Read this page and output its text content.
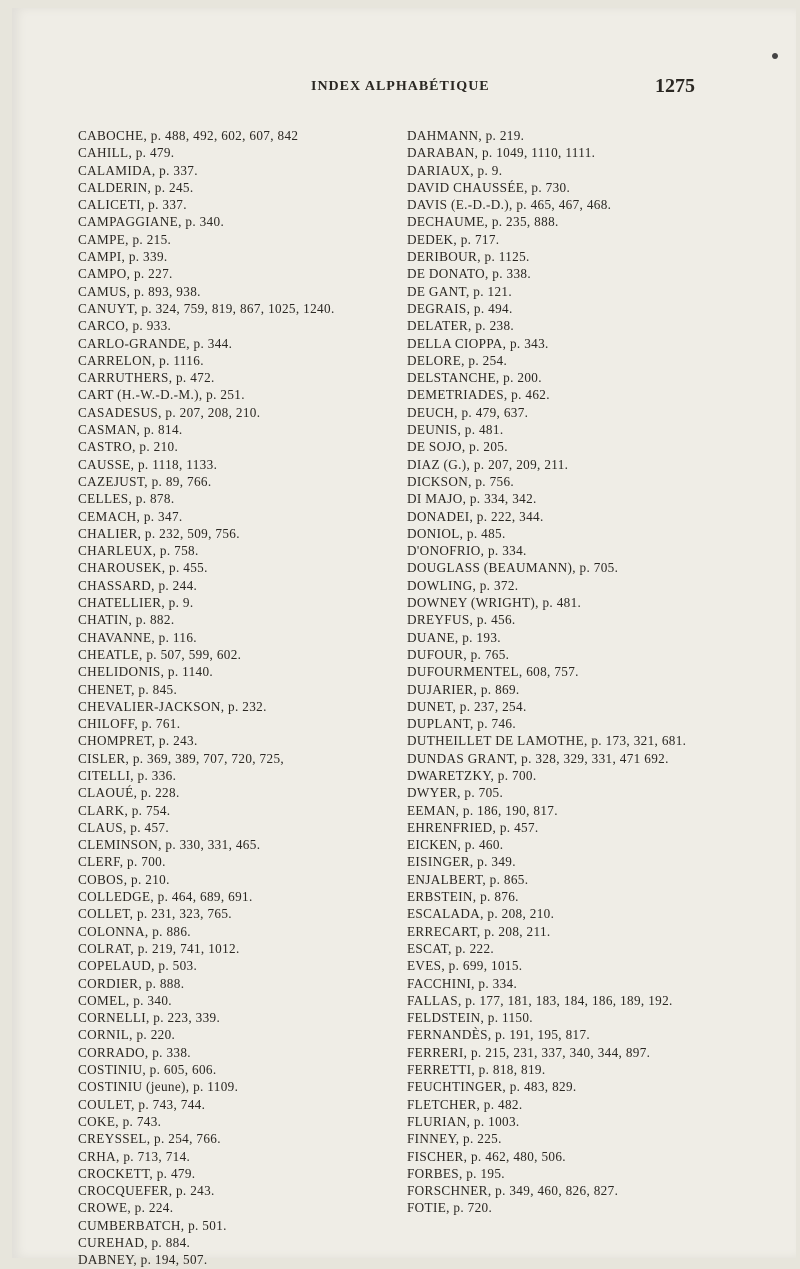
INDEX ALPHABÉTIQUE	1275
CABOCHE, p. 488, 492, 602, 607, 842
CAHILL, p. 479.
CALAMIDA, p. 337.
CALDERIN, p. 245.
CALICETI, p. 337.
CAMPAGGIANE, p. 340.
CAMPE, p. 215.
CAMPI, p. 339.
CAMPO, p. 227.
CAMUS, p. 893, 938.
CANUYT, p. 324, 759, 819, 867, 1025, 1240.
CARCO, p. 933.
CARLO-GRANDE, p. 344.
CARRELON, p. 1116.
CARRUTHERS, p. 472.
CART (H.-W.-D.-M.), p. 251.
CASADESUS, p. 207, 208, 210.
CASMAN, p. 814.
CASTRO, p. 210.
CAUSSE, p. 1118, 1133.
CAZEJUST, p. 89, 766.
CELLES, p. 878.
CEMACH, p. 347.
CHALIER, p. 232, 509, 756.
CHARLEUX, p. 758.
CHAROUSEK, p. 455.
CHASSARD, p. 244.
CHATELLIER, p. 9.
CHATIN, p. 882.
CHAVANNE, p. 116.
CHEATLE, p. 507, 599, 602.
CHELIDONIS, p. 1140.
CHENET, p. 845.
CHEVALIER-JACKSON, p. 232.
CHILOFF, p. 761.
CHOMPRET, p. 243.
CISLER, p. 369, 389, 707, 720, 725,
CITELLI, p. 336.
CLAOUÉ, p. 228.
CLARK, p. 754.
CLAUS, p. 457.
CLEMINSON, p. 330, 331, 465.
CLERF, p. 700.
COBOS, p. 210.
COLLEDGE, p. 464, 689, 691.
COLLET, p. 231, 323, 765.
COLONNA, p. 886.
COLRAT, p. 219, 741, 1012.
COPELAUD, p. 503.
CORDIER, p. 888.
COMEL, p. 340.
CORNELLI, p. 223, 339.
CORNIL, p. 220.
CORRADO, p. 338.
COSTINIU, p. 605, 606.
COSTINIU (jeune), p. 1109.
COULET, p. 743, 744.
COKE, p. 743.
CREYSSEL, p. 254, 766.
CRHA, p. 713, 714.
CROCKETT, p. 479.
CROCQUEFER, p. 243.
CROWE, p. 224.
CUMBERBATCH, p. 501.
CUREHAD, p. 884.
DABNEY, p. 194, 507.
DAHMANN, p. 219.
DARABAN, p. 1049, 1110, 1111.
DARIAUX, p. 9.
DAVID CHAUSSÉE, p. 730.
DAVIS (E.-D.-D.), p. 465, 467, 468.
DECHAUME, p. 235, 888.
DEDEK, p. 717.
DERIBOUR, p. 1125.
DE DONATO, p. 338.
DE GANT, p. 121.
DEGRAIS, p. 494.
DELATER, p. 238.
DELLA CIOPPA, p. 343.
DELORE, p. 254.
DELSTANCHE, p. 200.
DEMETRIADES, p. 462.
DEUCH, p. 479, 637.
DEUNIS, p. 481.
DE SOJO, p. 205.
DIAZ (G.), p. 207, 209, 211.
DICKSON, p. 756.
DI MAJO, p. 334, 342.
DONADEI, p. 222, 344.
DONIOL, p. 485.
D'ONOFRIO, p. 334.
DOUGLASS (BEAUMANN), p. 705.
DOWLING, p. 372.
DOWNEY (WRIGHT), p. 481.
DREYFUS, p. 456.
DUANE, p. 193.
DUFOUR, p. 765.
DUFOURMENTEL, 608, 757.
DUJARIER, p. 869.
DUNET, p. 237, 254.
DUPLANT, p. 746.
DUTHEILLET DE LAMOTHE, p. 173, 321, 681.
DUNDAS GRANT, p. 328, 329, 331, 471 692.
DWARETZKY, p. 700.
DWYER, p. 705.
EEMAN, p. 186, 190, 817.
EHRENFRIED, p. 457.
EICKEN, p. 460.
EISINGER, p. 349.
ENJALBERT, p. 865.
ERBSTEIN, p. 876.
ESCALADA, p. 208, 210.
ERRECART, p. 208, 211.
ESCAT, p. 222.
EVES, p. 699, 1015.
FACCHINI, p. 334.
FALLAS, p. 177, 181, 183, 184, 186, 189, 192.
FELDSTEIN, p. 1150.
FERNANDÈS, p. 191, 195, 817.
FERRERI, p. 215, 231, 337, 340, 344, 897.
FERRETTI, p. 818, 819.
FEUCHTINGER, p. 483, 829.
FLETCHER, p. 482.
FLURIAN, p. 1003.
FINNEY, p. 225.
FISCHER, p. 462, 480, 506.
FORBES, p. 195.
FORSCHNER, p. 349, 460, 826, 827.
FOTIE, p. 720.
